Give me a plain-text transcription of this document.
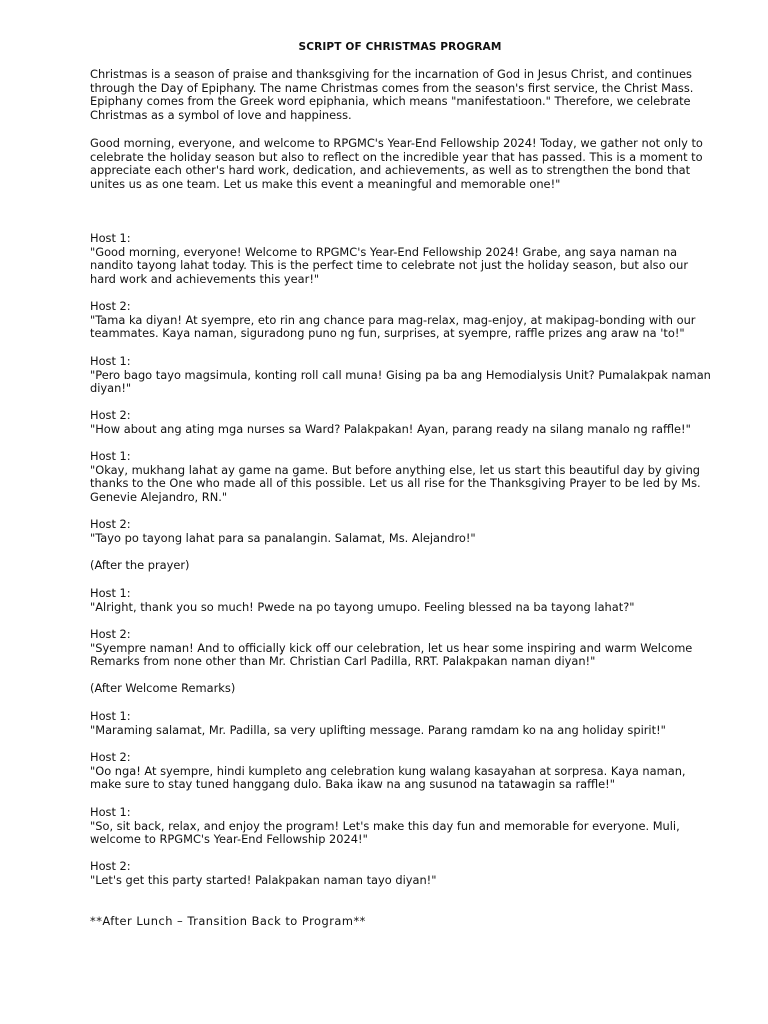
SCRIPT OF CHRISTMAS PROGRAM

Christmas is a season of praise and thanksgiving for the incarnation of God in Jesus Christ, and continues through the Day of Epiphany. The name Christmas comes from the season's first service, the Christ Mass. Epiphany comes from the Greek word epiphania, which means "manifestatioon." Therefore, we celebrate Christmas as a symbol of love and happiness.

Good morning, everyone, and welcome to RPGMC's Year-End Fellowship 2024! Today, we gather not only to celebrate the holiday season but also to reflect on the incredible year that has passed. This is a moment to appreciate each other's hard work, dedication, and achievements, as well as to strengthen the bond that unites us as one team. Let us make this event a meaningful and memorable one!"

Host 1:

"Good morning, everyone! Welcome to RPGMC's Year-End Fellowship 2024! Grabe, ang saya naman na nandito tayong lahat today. This is the perfect time to celebrate not just the holiday season, but also our hard work and achievements this year!"

Host 2:

"Tama ka diyan! At syempre, eto rin ang chance para mag-relax, mag-enjoy, at makipag-bonding with our teammates. Kaya naman, siguradong puno ng fun, surprises, at syempre, raffle prizes ang araw na 'to!"

Host 1:

"Pero bago tayo magsimula, konting roll call muna! Gising pa ba ang Hemodialysis Unit? Pumalakpak naman diyan!"

Host 2:

"How about ang ating mga nurses sa Ward? Palakpakan! Ayan, parang ready na silang manalo ng raffle!"

Host 1:

"Okay, mukhang lahat ay game na game. But before anything else, let us start this beautiful day by giving thanks to the One who made all of this possible. Let us all rise for the Thanksgiving Prayer to be led by Ms. Genevie Alejandro, RN."

Host 2:

"Tayo po tayong lahat para sa panalangin. Salamat, Ms. Alejandro!"

(After the prayer)

Host 1:

"Alright, thank you so much! Pwede na po tayong umupo. Feeling blessed na ba tayong lahat?"

Host 2:

"Syempre naman! And to officially kick off our celebration, let us hear some inspiring and warm Welcome Remarks from none other than Mr. Christian Carl Padilla, RRT. Palakpakan naman diyan!"

(After Welcome Remarks)

Host 1:

"Maraming salamat, Mr. Padilla, sa very uplifting message. Parang ramdam ko na ang holiday spirit!"

Host 2:

"Oo nga! At syempre, hindi kumpleto ang celebration kung walang kasayahan at sorpresa. Kaya naman, make sure to stay tuned hanggang dulo. Baka ikaw na ang susunod na tatawagin sa raffle!"

Host 1:

"So, sit back, relax, and enjoy the program! Let's make this day fun and memorable for everyone. Muli, welcome to RPGMC's Year-End Fellowship 2024!"

Host 2:

"Let's get this party started! Palakpakan naman tayo diyan!"

**After Lunch – Transition Back to Program**
